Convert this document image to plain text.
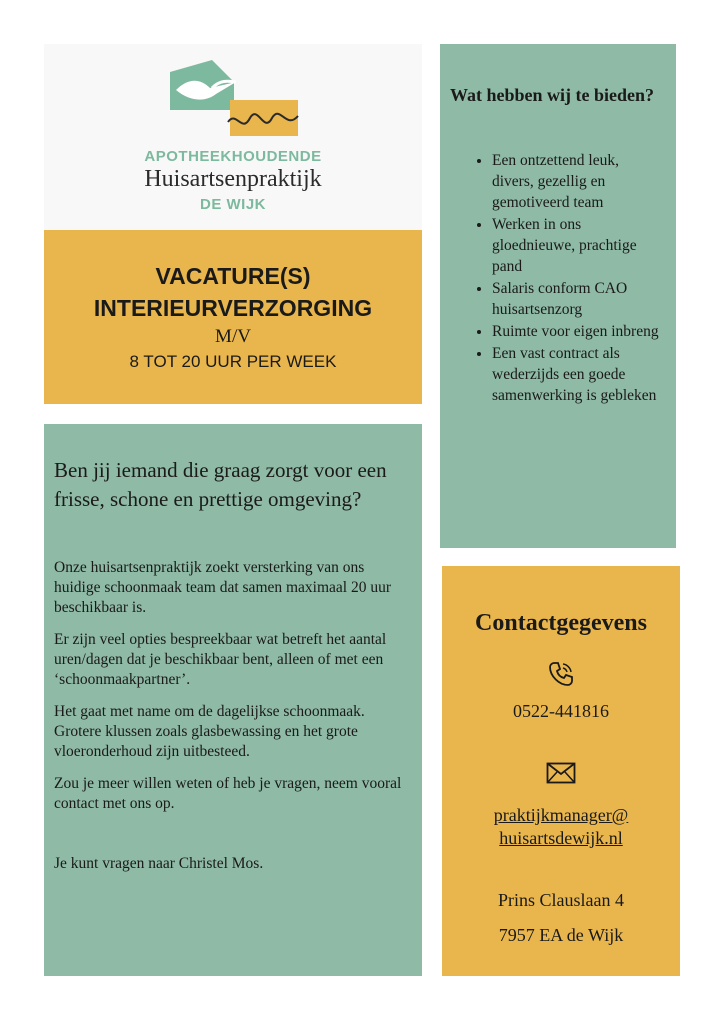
APOTHEEKHOUDENDE
Huisartsenpraktijk
DE WIJK
VACATURE(S)
INTERIEURVERZORGING
M/V
8 TOT 20 UUR PER WEEK

Ben jij iemand die graag zorgt voor een frisse, schone en prettige omgeving?

Onze huisartsenpraktijk zoekt versterking van ons huidige schoonmaak team dat samen maximaal 20 uur beschikbaar is.

Er zijn veel opties bespreekbaar wat betreft het aantal uren/dagen dat je beschikbaar bent, alleen of met een ‘schoonmaakpartner’.

Het gaat met name om de dagelijkse schoonmaak. Grotere klussen zoals glasbewassing en het grote vloeronderhoud zijn uitbesteed.

Zou je meer willen weten of heb je vragen, neem vooral contact met ons op.

Je kunt vragen naar Christel Mos.

Wat hebben wij te bieden?
• Een ontzettend leuk, divers, gezellig en gemotiveerd team
• Werken in ons gloednieuwe, prachtige pand
• Salaris conform CAO huisartsenzorg
• Ruimte voor eigen inbreng
• Een vast contract als wederzijds een goede samenwerking is gebleken
Contactgegevens
0522-441816
praktijkmanager@
huisartsdewijk.nl
Prins Clauslaan 4
7957 EA de Wijk
